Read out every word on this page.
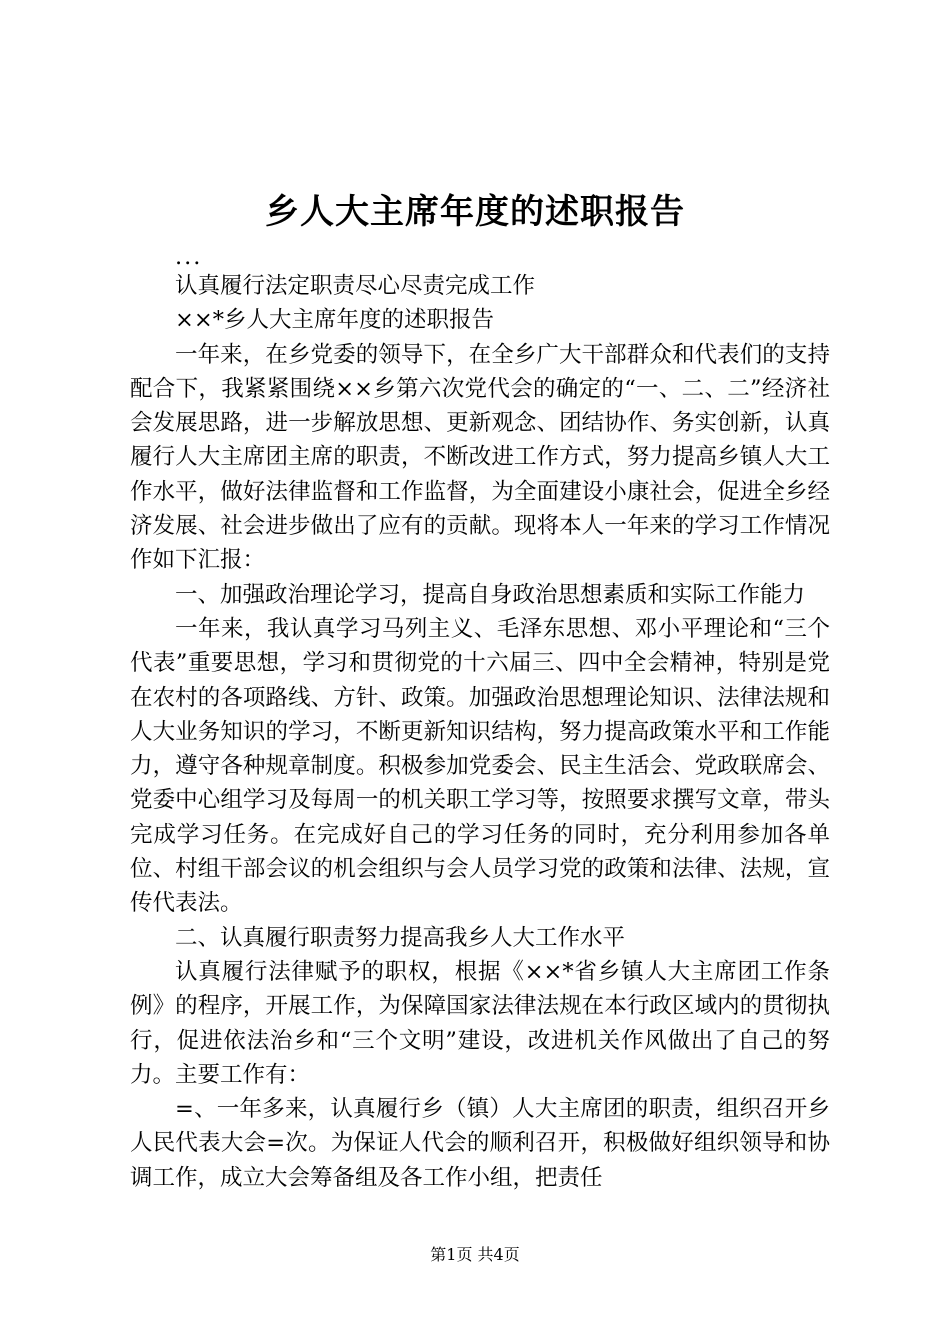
乡人大主席年度的述职报告

...

认真履行法定职责尽心尽责完成工作

××*乡人大主席年度的述职报告

一年来，在乡党委的领导下，在全乡广大干部群众和代表们的支持配合下，我紧紧围绕××乡第六次党代会的确定的“一、二、二”经济社会发展思路，进一步解放思想、更新观念、团结协作、务实创新，认真履行人大主席团主席的职责，不断改进工作方式，努力提高乡镇人大工作水平，做好法律监督和工作监督，为全面建设小康社会，促进全乡经济发展、社会进步做出了应有的贡献。现将本人一年来的学习工作情况作如下汇报：

一、加强政治理论学习，提高自身政治思想素质和实际工作能力

一年来，我认真学习马列主义、毛泽东思想、邓小平理论和“三个代表”重要思想，学习和贯彻党的十六届三、四中全会精神，特别是党在农村的各项路线、方针、政策。加强政治思想理论知识、法律法规和人大业务知识的学习，不断更新知识结构，努力提高政策水平和工作能力，遵守各种规章制度。积极参加党委会、民主生活会、党政联席会、党委中心组学习及每周一的机关职工学习等，按照要求撰写文章，带头完成学习任务。在完成好自己的学习任务的同时，充分利用参加各单位、村组干部会议的机会组织与会人员学习党的政策和法律、法规，宣传代表法。

二、认真履行职责努力提高我乡人大工作水平

认真履行法律赋予的职权，根据《××*省乡镇人大主席团工作条例》的程序，开展工作，为保障国家法律法规在本行政区域内的贯彻执行，促进依法治乡和“三个文明”建设，改进机关作风做出了自己的努力。主要工作有：

=、一年多来，认真履行乡（镇）人大主席团的职责，组织召开乡人民代表大会=次。为保证人代会的顺利召开，积极做好组织领导和协调工作，成立大会筹备组及各工作小组，把责任

第1页 共4页
